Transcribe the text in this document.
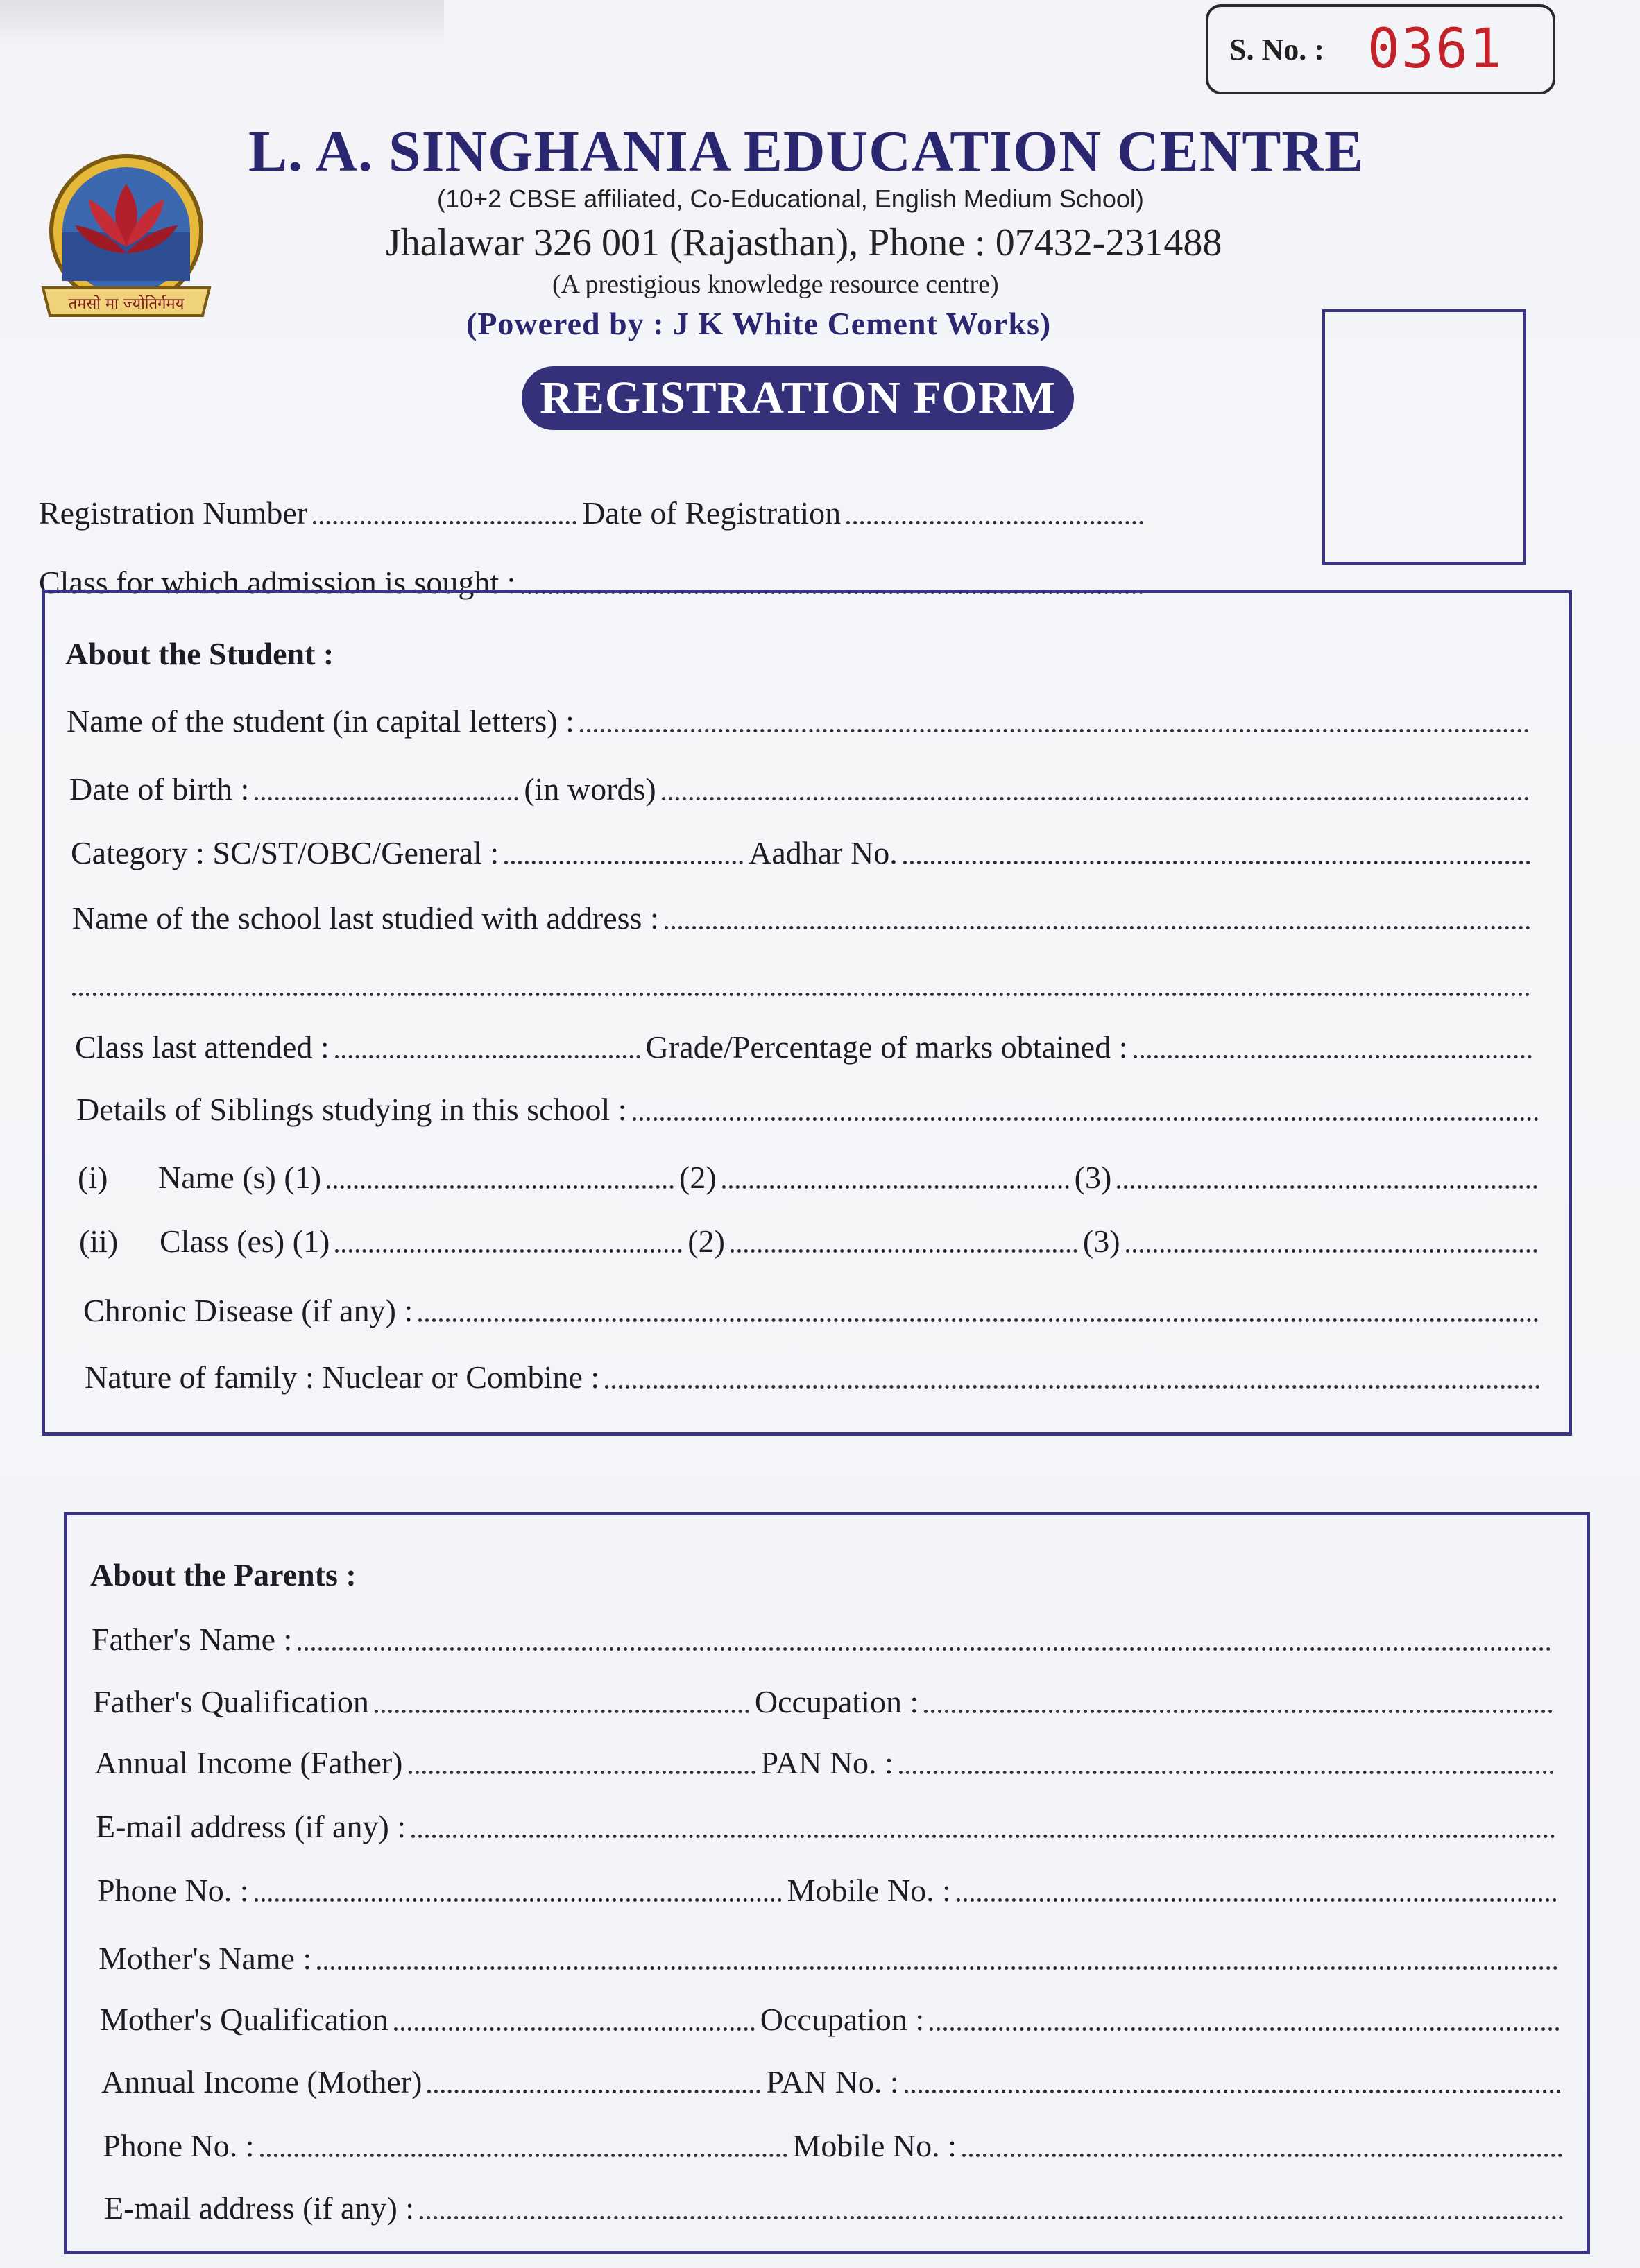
S. No. : 0361
तमसो मा ज्योतिर्गमय
L. A. SINGHANIA EDUCATION CENTRE
(10+2 CBSE affiliated, Co-Educational, English Medium School)
Jhalawar 326 001 (Rajasthan), Phone : 07432-231488
(A prestigious knowledge resource centre)
(Powered by : J K White Cement Works)
REGISTRATION FORM
Registration Number	Date of Registration
Class for which admission is sought :
About the Student :
Name of the student (in capital letters) :
Date of birth :	(in words)
Category : SC/ST/OBC/General :	Aadhar No.
Name of the school last studied with address :
Class last attended :	Grade/Percentage of marks obtained :
Details of Siblings studying in this school :
(i)	Name (s) (1)	(2)	(3)
(ii)	Class (es) (1)	(2)	(3)
Chronic Disease (if any) :
Nature of family : Nuclear or Combine :
About the Parents :
Father's Name :
Father's Qualification	Occupation :
Annual Income (Father)	PAN No. :
E-mail address (if any) :
Phone No. :	Mobile No. :
Mother's Name :
Mother's Qualification	Occupation :
Annual Income (Mother)	PAN No. :
Phone No. :	Mobile No. :
E-mail address (if any) :
